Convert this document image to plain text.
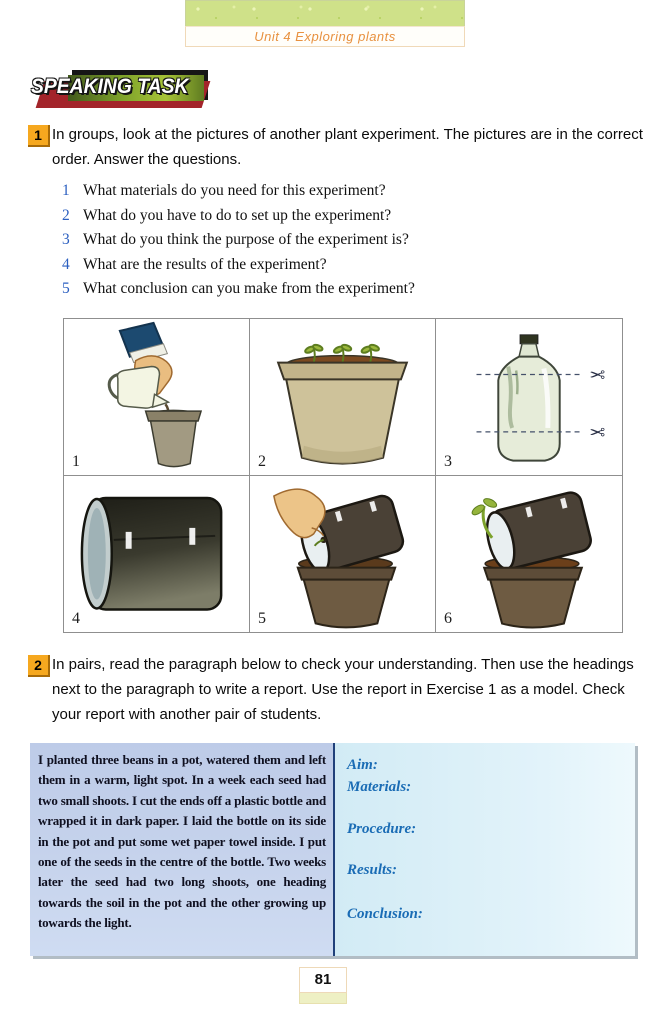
Unit 4 Exploring plants
SPEAKING TASK
1 In groups, look at the pictures of another plant experiment. The pictures are in the correct
order. Answer the questions.
1 What materials do you need for this experiment?
2 What do you have to do to set up the experiment?
3 What do you think the purpose of the experiment is?
4 What are the results of the experiment?
5 What conclusion can you make from the experiment?
1	2
✂
✂
3
4	5	6
2 In pairs, read the paragraph below to check your understanding. Then use the headings
next to the paragraph to write a report. Use the report in Exercise 1 as a model. Check
your report with another pair of students.
I planted three beans in a pot, watered them and left them in a warm, light spot. In a week each seed had two small shoots. I cut the ends off a plastic bottle and wrapped it in dark paper. I laid the bottle on its side in the pot and put some wet paper towel inside. I put one of the seeds in the centre of the bottle. Two weeks later the seed had two long shoots, one heading towards the soil in the pot and the other growing up towards the light.
Aim:
Materials:
Procedure:
Results:
Conclusion:
81
